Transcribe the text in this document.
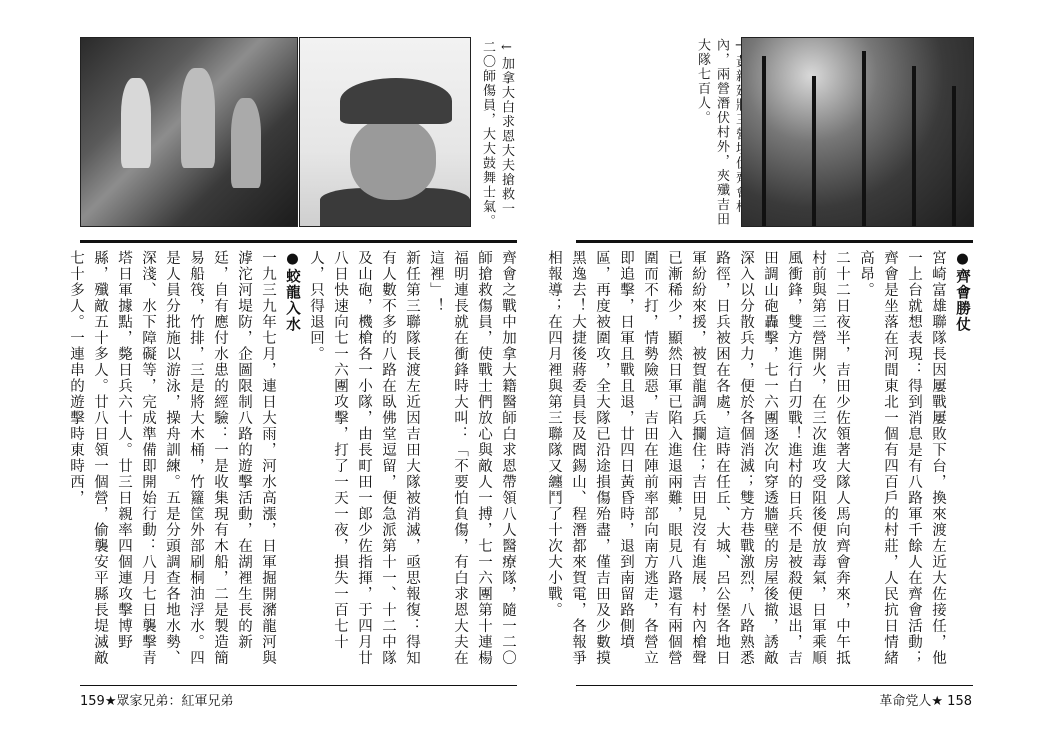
←加拿大白求恩大夫搶救一二〇師傷員，大大鼓舞士氣。	內，兩營潛伏村外，夾殲吉田大隊七百人。
●齊會勝仗
宮崎富雄聯隊長因屢戰屢敗下台，換來渡左近大佐接任，他一上台就想表現：得到消息是有八路軍千餘人在齊會活動；齊會是坐落在河間東北一個有四百戶的村莊，人民抗日情緒高昂。
二十二日夜半，吉田少佐領著大隊人馬向齊會奔來，中午抵村前與第三營開火，在三次進攻受阻後便放毒氣，日軍乘順風衝鋒，雙方進行白刃戰！進村的日兵不是被殺便退出，吉田調山砲轟擊，七一六團逐次向穿透牆壁的房屋後撤，誘敵深入以分散兵力，便於各個消滅；雙方巷戰激烈，八路熟悉路徑，日兵被困在各處，這時在任丘、大城、呂公堡各地日軍紛紛來援，被賀龍調兵攔住；吉田見沒有進展，村內槍聲已漸稀少，顯然日軍已陷入進退兩難，眼見八路還有兩個營圍而不打，情勢險惡，吉田在陣前率部向南方逃走，各營立即追擊，日軍且戰且退，廿四日黃昏時，退到南留路側墳區，再度被圍攻，全大隊已沿途損傷殆盡，僅吉田及少數摸黑逸去！大捷後蔣委員長及閻錫山、程潛都來賀電，各報爭相報導；在四月裡與第三聯隊又纏鬥了十次大小戰。
齊會之戰中加拿大籍醫師白求恩帶領八人醫療隊，隨一二〇師搶救傷員，使戰士們放心與敵人一搏，七一六團第十連楊福明連長就在衝鋒時大叫：「不要怕負傷，有白求恩大夫在這裡」！
新任第三聯隊長渡左近因吉田大隊被消滅，亟思報復：得知有人數不多的八路在臥佛堂逗留，便急派第十一、十二中隊及山砲，機槍各一小隊，由長町田一郎少佐指揮，于四月廿八日快速向七一六團攻擊，打了一天一夜，損失一百七十人，只得退回。
●蛟龍入水
一九三九年七月，連日大雨，河水高漲，日軍掘開瀦龍河與滹沱河堤防，企圖限制八路的遊擊活動，在湖裡生長的新廷，自有應付水患的經驗：一是收集現有木船，二是製造簡易船筏，竹排，三是將大木桶，竹籮筐外部刷桐油浮水。四是人員分批施以游泳，操舟訓練。五是分頭調查各地水勢、深淺、水下障礙等，完成準備即開始行動：八月七日襲擊青塔日軍據點，斃日兵六十人。廿三日親率四個連攻擊博野縣，殲敵五十多人。廿八日領一個營，偷襲安平縣長堤滅敵七十多人。一連串的遊擊時東時西，
159★眾家兄弟：紅軍兄弟	革命党人★ 158
